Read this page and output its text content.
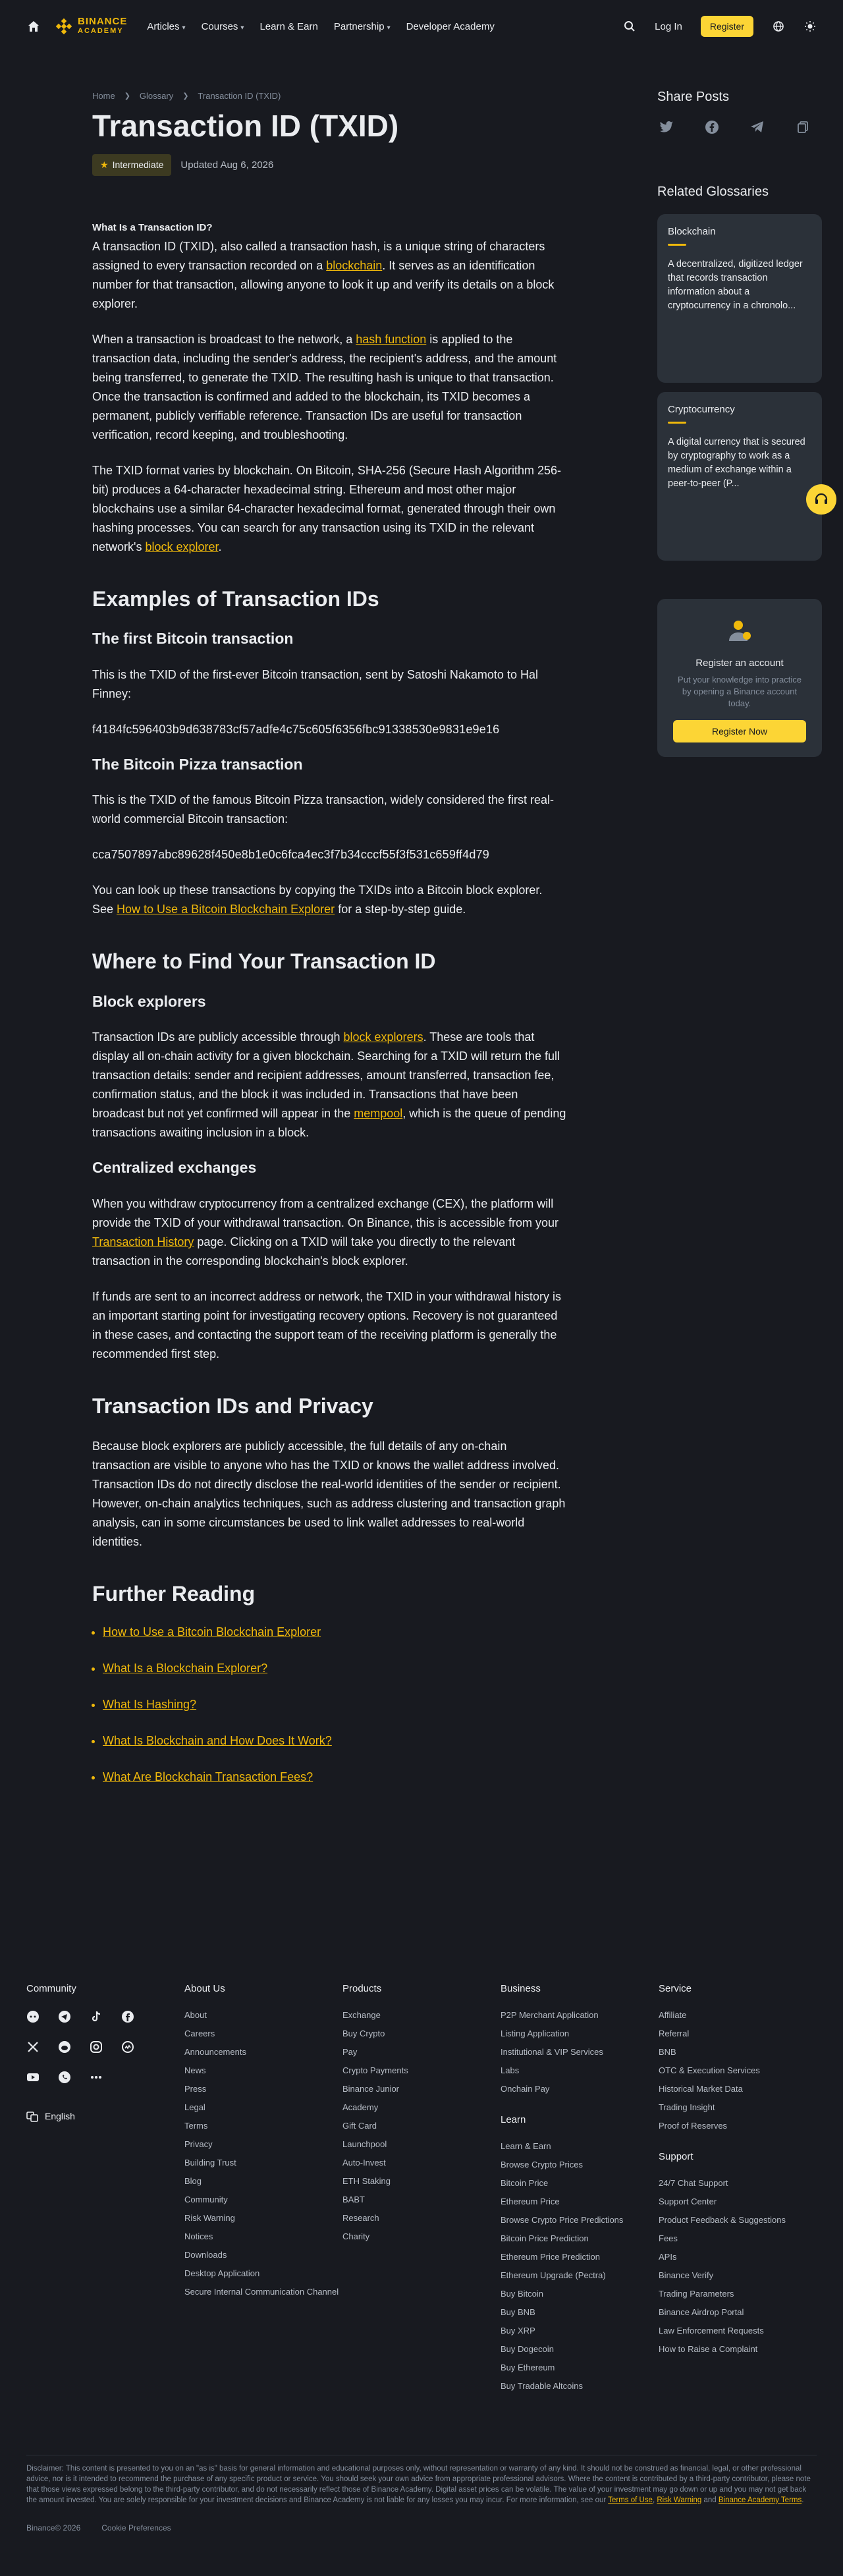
BINANCE
ACADEMY	Articles ▾	Courses ▾	Learn & Earn Partnership ▾	Developer Academy	Log In	Register
Home ❯ Glossary ❯ Transaction ID (TXID)
Transaction ID (TXID)
★ Intermediate Updated Aug 6, 2026
What Is a Transaction ID?

A transaction ID (TXID), also called a transaction hash, is a unique string of characters assigned to every transaction recorded on a blockchain. It serves as an identification number for that transaction, allowing anyone to look it up and verify its details on a block explorer.

When a transaction is broadcast to the network, a hash function is applied to the transaction data, including the sender's address, the recipient's address, and the amount being transferred, to generate the TXID. The resulting hash is unique to that transaction. Once the transaction is confirmed and added to the blockchain, its TXID becomes a permanent, publicly verifiable reference. Transaction IDs are useful for transaction verification, record keeping, and troubleshooting.

The TXID format varies by blockchain. On Bitcoin, SHA-256 (Secure Hash Algorithm 256-bit) produces a 64-character hexadecimal string. Ethereum and most other major blockchains use a similar 64-character hexadecimal format, generated through their own hashing processes. You can search for any transaction using its TXID in the relevant network's block explorer.

Examples of Transaction IDs
The first Bitcoin transaction

This is the TXID of the first-ever Bitcoin transaction, sent by Satoshi Nakamoto to Hal Finney:

f4184fc596403b9d638783cf57adfe4c75c605f6356fbc91338530e9831e9e16

The Bitcoin Pizza transaction

This is the TXID of the famous Bitcoin Pizza transaction, widely considered the first real-world commercial Bitcoin transaction:

cca7507897abc89628f450e8b1e0c6fca4ec3f7b34cccf55f3f531c659ff4d79

You can look up these transactions by copying the TXIDs into a Bitcoin block explorer. See How to Use a Bitcoin Blockchain Explorer for a step-by-step guide.

Where to Find Your Transaction ID
Block explorers

Transaction IDs are publicly accessible through block explorers. These are tools that display all on-chain activity for a given blockchain. Searching for a TXID will return the full transaction details: sender and recipient addresses, amount transferred, transaction fee, confirmation status, and the block it was included in. Transactions that have been broadcast but not yet confirmed will appear in the mempool, which is the queue of pending transactions awaiting inclusion in a block.

Centralized exchanges

When you withdraw cryptocurrency from a centralized exchange (CEX), the platform will provide the TXID of your withdrawal transaction. On Binance, this is accessible from your Transaction History page. Clicking on a TXID will take you directly to the relevant transaction in the corresponding blockchain's block explorer.

If funds are sent to an incorrect address or network, the TXID in your withdrawal history is an important starting point for investigating recovery options. Recovery is not guaranteed in these cases, and contacting the support team of the receiving platform is generally the recommended first step.

Transaction IDs and Privacy

Because block explorers are publicly accessible, the full details of any on-chain transaction are visible to anyone who has the TXID or knows the wallet address involved. Transaction IDs do not directly disclose the real-world identities of the sender or recipient. However, on-chain analytics techniques, such as address clustering and transaction graph analysis, can in some circumstances be used to link wallet addresses to real-world identities.

Further Reading
• How to Use a Bitcoin Blockchain Explorer
• What Is a Blockchain Explorer?
• What Is Hashing?
• What Is Blockchain and How Does It Work?
• What Are Blockchain Transaction Fees?
Share Posts
Related Glossaries
Blockchain

A decentralized, digitized ledger that records transaction information about a cryptocurrency in a chronolo...

Cryptocurrency

A digital currency that is secured by cryptography to work as a medium of exchange within a peer-to-peer (P...

Register an account

Put your knowledge into practice by opening a Binance account today.

Register Now
Community
English
About Us
About
Careers
Announcements
News
Press
Legal
Terms
Privacy
Building Trust
Blog
Community
Risk Warning
Notices
Downloads
Desktop Application
Secure Internal Communication Channel
Products
Exchange
Buy Crypto
Pay
Crypto Payments
Binance Junior
Academy
Gift Card
Launchpool
Auto-Invest
ETH Staking
BABT
Research
Charity
Business
P2P Merchant Application
Listing Application
Institutional & VIP Services
Labs
Onchain Pay
Learn
Learn & Earn
Browse Crypto Prices
Bitcoin Price
Ethereum Price
Browse Crypto Price Predictions
Bitcoin Price Prediction
Ethereum Price Prediction
Ethereum Upgrade (Pectra)
Buy Bitcoin
Buy BNB
Buy XRP
Buy Dogecoin
Buy Ethereum
Buy Tradable Altcoins
Service
Affiliate
Referral
BNB
OTC & Execution Services
Historical Market Data
Trading Insight
Proof of Reserves
Support
24/7 Chat Support
Support Center
Product Feedback & Suggestions
Fees
APIs
Binance Verify
Trading Parameters
Binance Airdrop Portal
Law Enforcement Requests
How to Raise a Complaint
Disclaimer: This content is presented to you on an "as is" basis for general information and educational purposes only, without representation or warranty of any kind. It should not be construed as financial, legal, or other professional advice, nor is it intended to recommend the purchase of any specific product or service. You should seek your own advice from appropriate professional advisors. Where the content is contributed by a third-party contributor, please note that those views expressed belong to the third-party contributor, and do not necessarily reflect those of Binance Academy. Digital asset prices can be volatile. The value of your investment may go down or up and you may not get back the amount invested. You are solely responsible for your investment decisions and Binance Academy is not liable for any losses you may incur. For more information, see our Terms of Use, Risk Warning and Binance Academy Terms.
Binance© 2026	Cookie Preferences
